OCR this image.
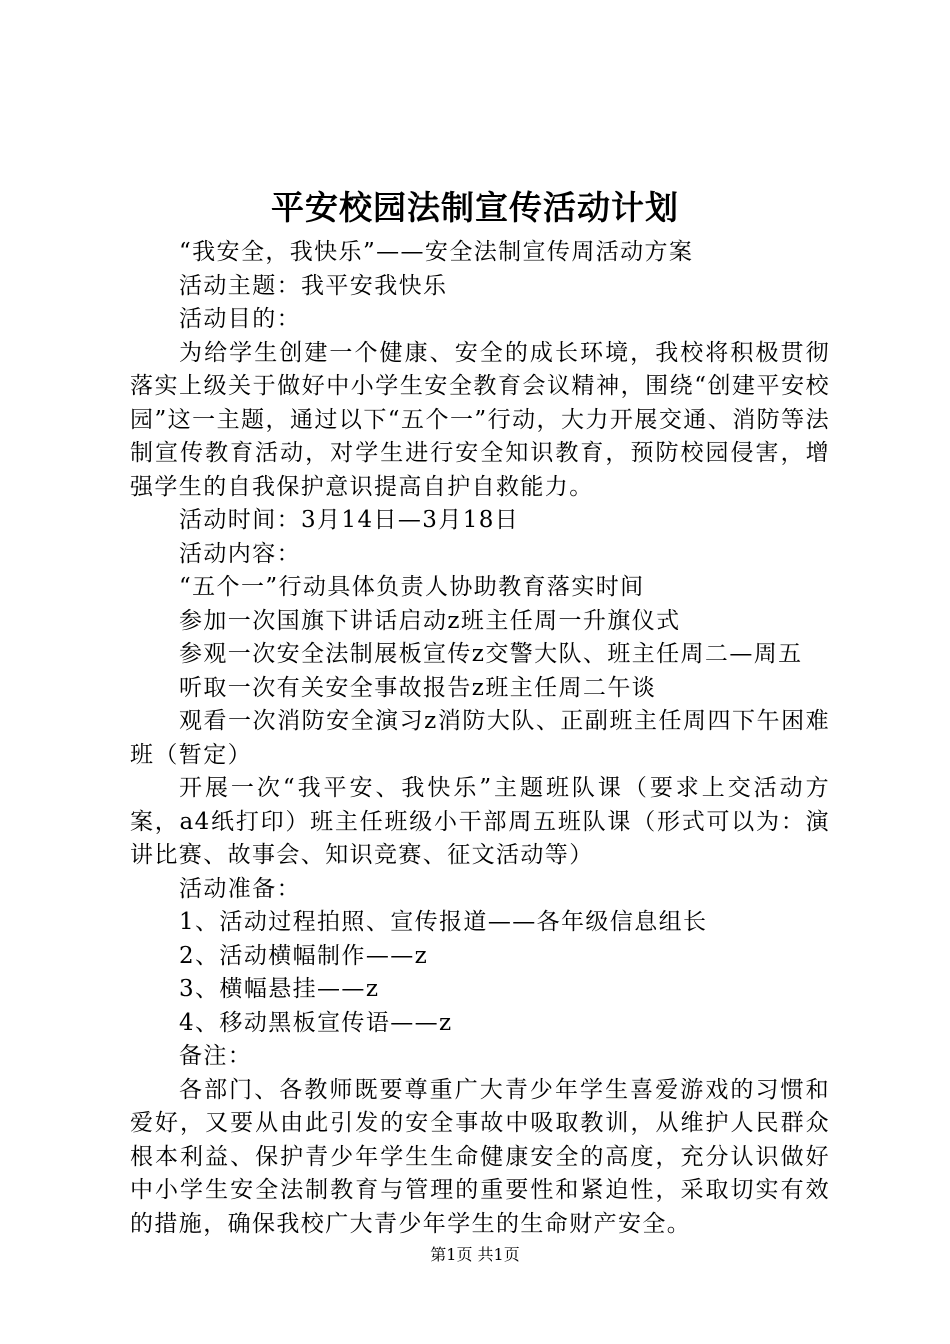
平安校园法制宣传活动计划

“我安全，我快乐”——安全法制宣传周活动方案

活动主题：我平安我快乐

活动目的：

为给学生创建一个健康、安全的成长环境，我校将积极贯彻落实上级关于做好中小学生安全教育会议精神，围绕“创建平安校园”这一主题，通过以下“五个一”行动，大力开展交通、消防等法制宣传教育活动，对学生进行安全知识教育，预防校园侵害，增强学生的自我保护意识提高自护自救能力。

活动时间：3月14日—3月18日

活动内容：

“五个一”行动具体负责人协助教育落实时间

参加一次国旗下讲话启动z班主任周一升旗仪式

参观一次安全法制展板宣传z交警大队、班主任周二—周五

听取一次有关安全事故报告z班主任周二午谈

观看一次消防安全演习z消防大队、正副班主任周四下午困难班（暂定）

开展一次“我平安、我快乐”主题班队课（要求上交活动方案，a4纸打印）班主任班级小干部周五班队课（形式可以为：演讲比赛、故事会、知识竞赛、征文活动等）

活动准备：

1、活动过程拍照、宣传报道——各年级信息组长

2、活动横幅制作——z

3、横幅悬挂——z

4、移动黑板宣传语——z

备注：

各部门、各教师既要尊重广大青少年学生喜爱游戏的习惯和爱好，又要从由此引发的安全事故中吸取教训，从维护人民群众根本利益、保护青少年学生生命健康安全的高度，充分认识做好中小学生安全法制教育与管理的重要性和紧迫性，采取切实有效的措施，确保我校广大青少年学生的生命财产安全。

第1页 共1页
